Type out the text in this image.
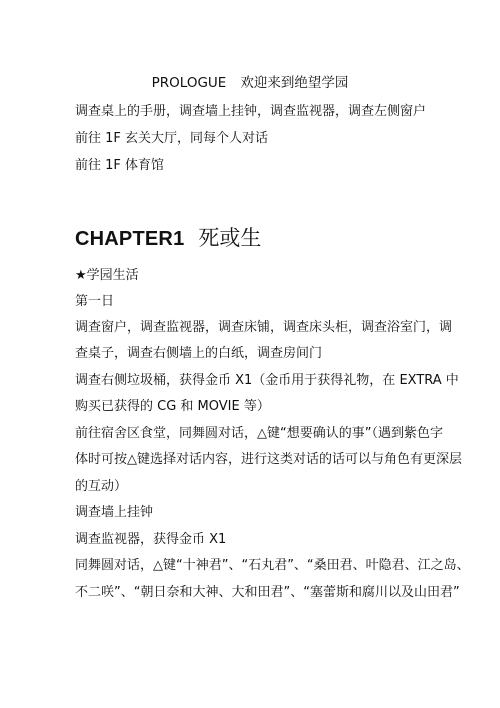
PROLOGUE 欢迎来到绝望学园
调查桌上的手册，调查墙上挂钟，调查监视器，调查左侧窗户
前往 1F 玄关大厅，同每个人对话
前往 1F 体育馆
CHAPTER1 死或生
★学园生活
第一日
调查窗户，调查监视器，调查床铺，调查床头柜，调查浴室门，调
查桌子，调查右侧墙上的白纸，调查房间门
调查右侧垃圾桶，获得金币 X1（金币用于获得礼物，在 EXTRA 中
购买已获得的 CG 和 MOVIE 等）
前往宿舍区食堂，同舞圆对话，△键“想要确认的事”（遇到紫色字
体时可按△键选择对话内容，进行这类对话的话可以与角色有更深层
的互动）
调查墙上挂钟
调查监视器，获得金币 X1
同舞圆对话，△键“十神君”、“石丸君”、“桑田君、叶隐君、江之岛、
不二咲”、“朝日奈和大神、大和田君”、“塞蕾斯和腐川以及山田君”
